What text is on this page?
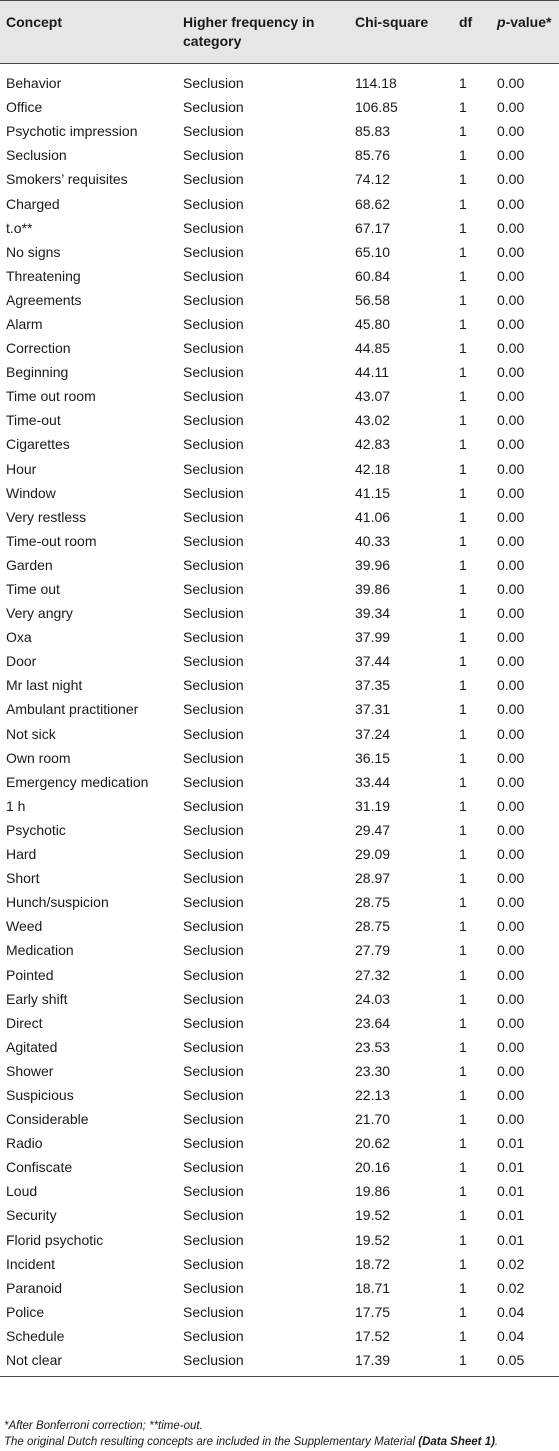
Concept	Higher frequency in category	Chi-square	df	p-value*

Behavior	Seclusion	114.18	1	0.00
Office	Seclusion	106.85	1	0.00
Psychotic impression	Seclusion	85.83	1	0.00
Seclusion	Seclusion	85.76	1	0.00
Smokers’ requisites	Seclusion	74.12	1	0.00
Charged	Seclusion	68.62	1	0.00
t.o**	Seclusion	67.17	1	0.00
No signs	Seclusion	65.10	1	0.00
Threatening	Seclusion	60.84	1	0.00
Agreements	Seclusion	56.58	1	0.00
Alarm	Seclusion	45.80	1	0.00
Correction	Seclusion	44.85	1	0.00
Beginning	Seclusion	44.11	1	0.00
Time out room	Seclusion	43.07	1	0.00
Time-out	Seclusion	43.02	1	0.00
Cigarettes	Seclusion	42.83	1	0.00
Hour	Seclusion	42.18	1	0.00
Window	Seclusion	41.15	1	0.00
Very restless	Seclusion	41.06	1	0.00
Time-out room	Seclusion	40.33	1	0.00
Garden	Seclusion	39.96	1	0.00
Time out	Seclusion	39.86	1	0.00
Very angry	Seclusion	39.34	1	0.00
Oxa	Seclusion	37.99	1	0.00
Door	Seclusion	37.44	1	0.00
Mr last night	Seclusion	37.35	1	0.00
Ambulant practitioner	Seclusion	37.31	1	0.00
Not sick	Seclusion	37.24	1	0.00
Own room	Seclusion	36.15	1	0.00
Emergency medication	Seclusion	33.44	1	0.00
1 h	Seclusion	31.19	1	0.00
Psychotic	Seclusion	29.47	1	0.00
Hard	Seclusion	29.09	1	0.00
Short	Seclusion	28.97	1	0.00
Hunch/suspicion	Seclusion	28.75	1	0.00
Weed	Seclusion	28.75	1	0.00
Medication	Seclusion	27.79	1	0.00
Pointed	Seclusion	27.32	1	0.00
Early shift	Seclusion	24.03	1	0.00
Direct	Seclusion	23.64	1	0.00
Agitated	Seclusion	23.53	1	0.00
Shower	Seclusion	23.30	1	0.00
Suspicious	Seclusion	22.13	1	0.00
Considerable	Seclusion	21.70	1	0.00
Radio	Seclusion	20.62	1	0.01
Confiscate	Seclusion	20.16	1	0.01
Loud	Seclusion	19.86	1	0.01
Security	Seclusion	19.52	1	0.01
Florid psychotic	Seclusion	19.52	1	0.01
Incident	Seclusion	18.72	1	0.02
Paranoid	Seclusion	18.71	1	0.02
Police	Seclusion	17.75	1	0.04
Schedule	Seclusion	17.52	1	0.04
Not clear	Seclusion	17.39	1	0.05

*After Bonferroni correction; **time-out.

The original Dutch resulting concepts are included in the Supplementary Material (Data Sheet 1).
